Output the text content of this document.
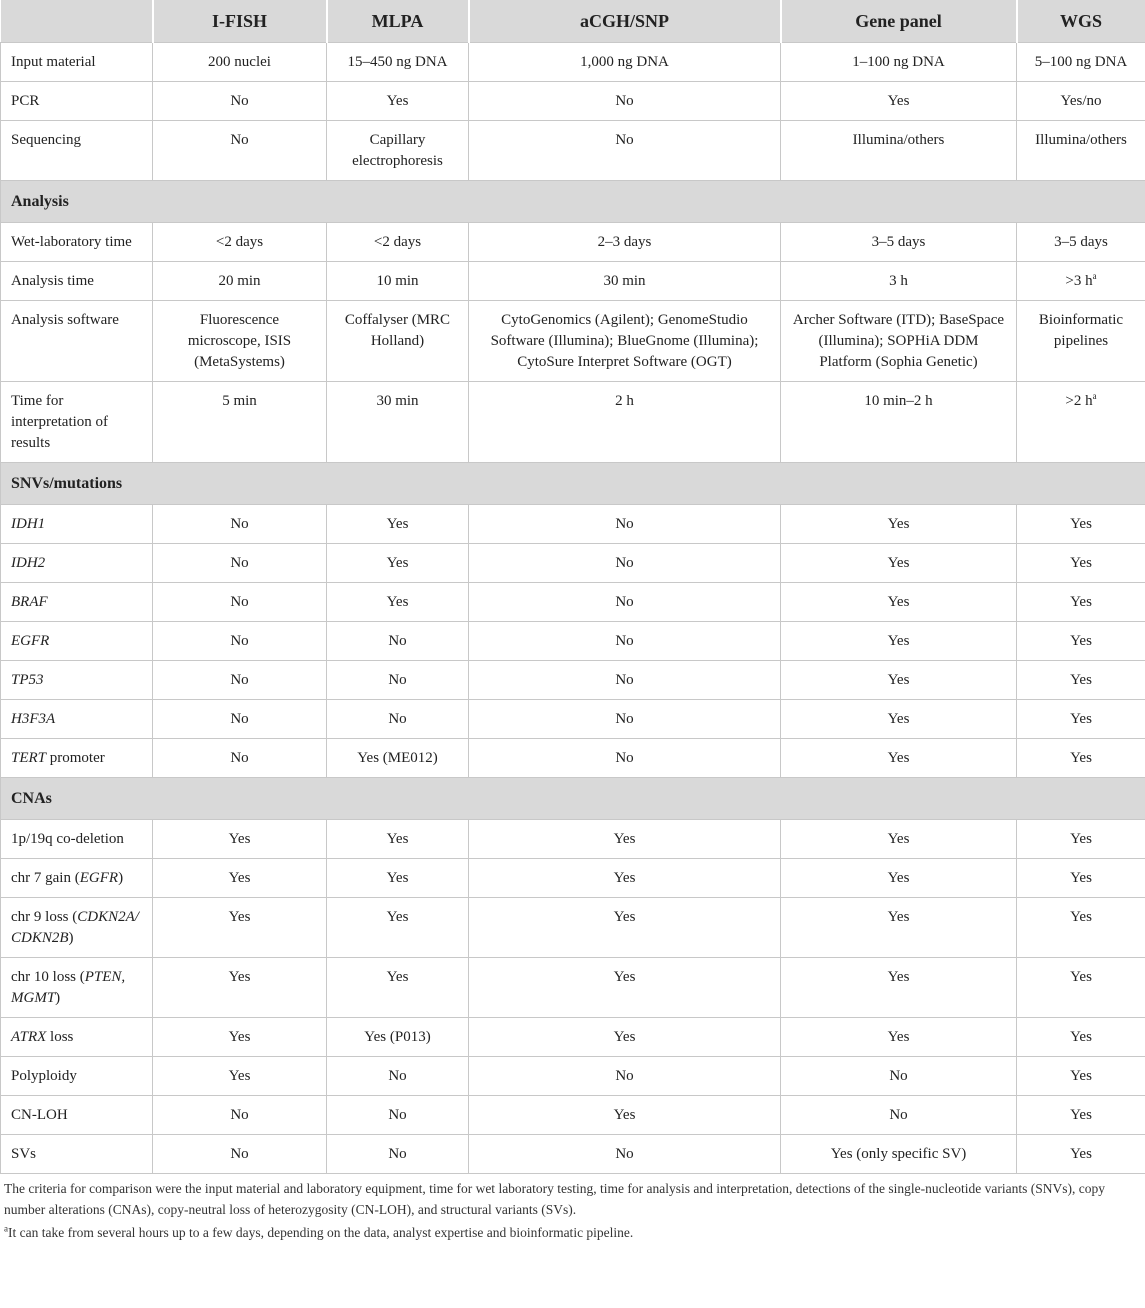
	I-FISH	MLPA	aCGH/SNP	Gene panel	WGS
Input material	200 nuclei	15–450 ng DNA	1,000 ng DNA	1–100 ng DNA	5–100 ng DNA
PCR	No	Yes	No	Yes	Yes/no
Sequencing	No	Capillary electrophoresis	No	Illumina/others	Illumina/others
Analysis					
Wet-laboratory time	<2 days	<2 days	2–3 days	3–5 days	3–5 days
Analysis time	20 min	10 min	30 min	3 h	>3 $h^a$
Analysis software	Fluorescence microscope, ISIS (MetaSystems)	Coffalyser (MRC Holland)	CytoGenomics (Agilent); GenomeStudio Software (Illumina); BlueGnome (Illumina); CytoSure Interpret Software (OGT)	Archer Software (ITD); BaseSpace (Illumina); SOPHiA DDM Platform (Sophia Genetic)	Bioinformatic pipelines
Time for interpretation of results	5 min	30 min	2 h	10 min–2 h	>2 $h^a$
SNVs/mutations					
IDH1	No	Yes	No	Yes	Yes
IDH2	No	Yes	No	Yes	Yes
BRAF	No	Yes	No	Yes	Yes
EGFR	No	No	No	Yes	Yes
TP53	No	No	No	Yes	Yes
H3F3A	No	No	No	Yes	Yes
TERT promoter	No	Yes (ME012)	No	Yes	Yes
CNAs					
1p/19q co-deletion	Yes	Yes	Yes	Yes	Yes
chr 7 gain (EGFR)	Yes	Yes	Yes	Yes	Yes
chr 9 loss (CDKN2A/ CDKN2B)	Yes	Yes	Yes	Yes	Yes
chr 10 loss (PTEN, MGMT)	Yes	Yes	Yes	Yes	Yes
ATRX loss	Yes	Yes (P013)	Yes	Yes	Yes
Polyploidy	Yes	No	No	No	Yes
CN-LOH	No	No	Yes	No	Yes
SVs	No	No	No	Yes (only specific SV)	Yes

The criteria for comparison were the input material and laboratory equipment, time for wet laboratory testing, time for analysis and interpretation, detections of the single-nucleotide variants (SNVs), copy number alterations (CNAs), copy-neutral loss of heterozygosity (CN-LOH), and structural variants (SVs).

$^a$It can take from several hours up to a few days, depending on the data, analyst expertise and bioinformatic pipeline.
